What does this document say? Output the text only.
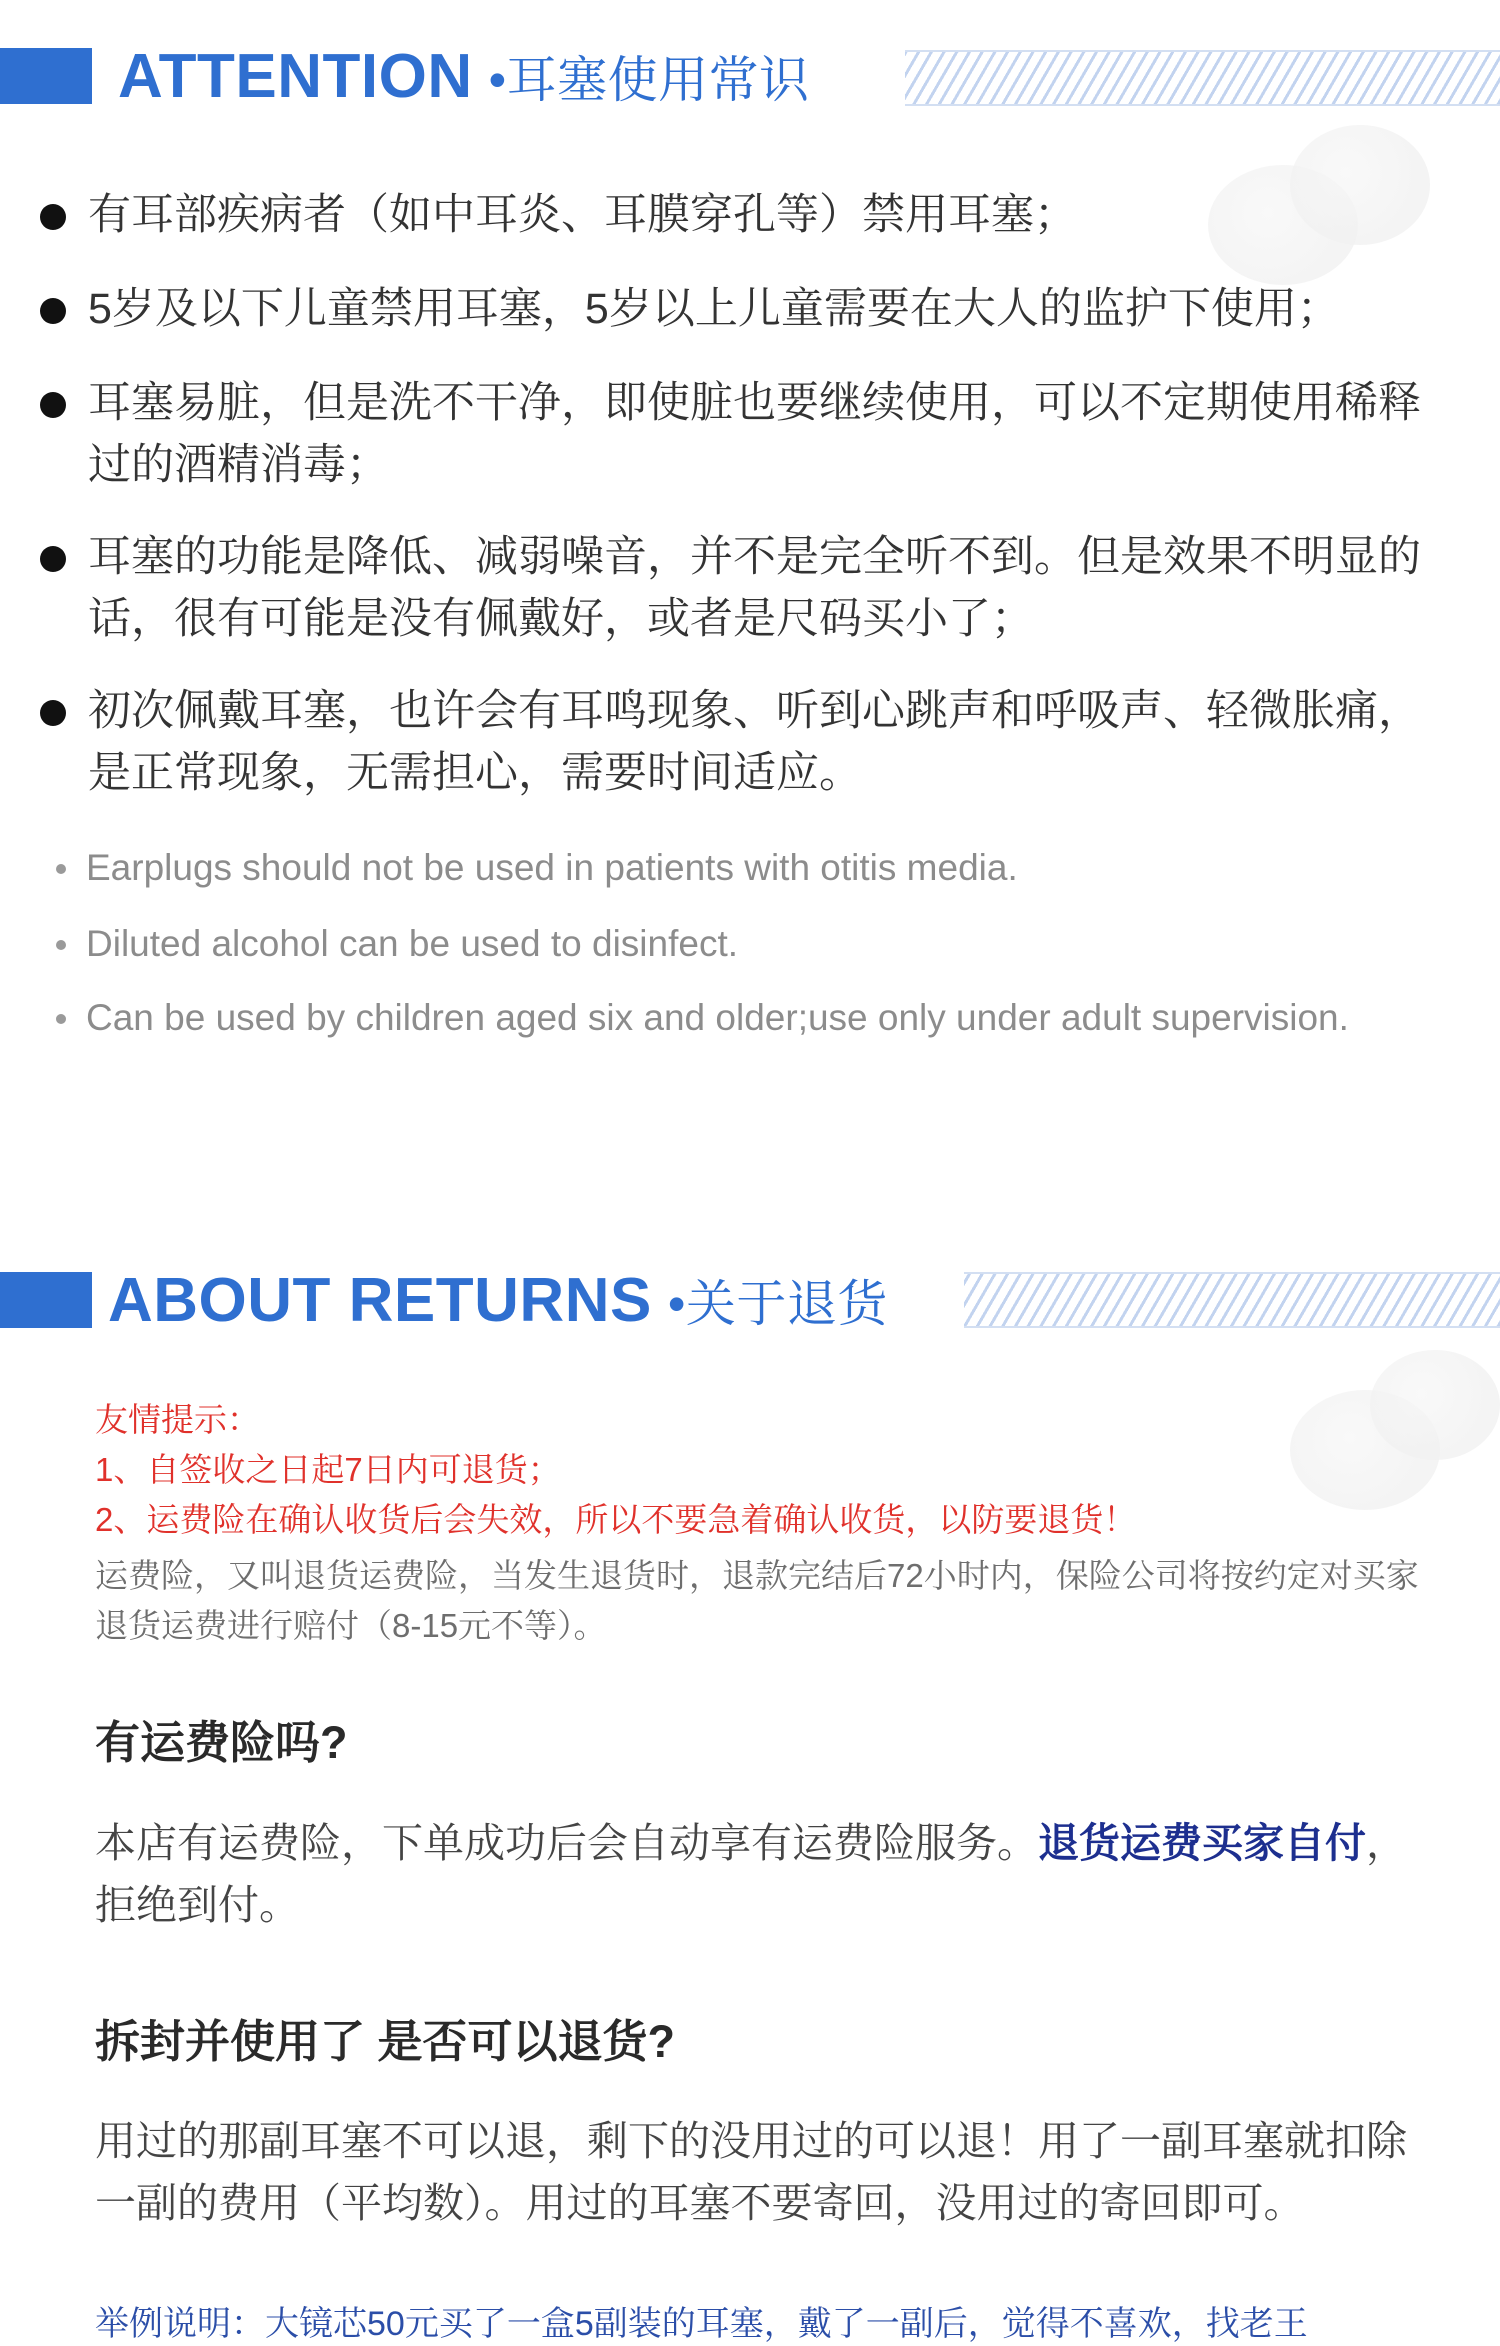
ATTENTION •耳塞使用常识
有耳部疾病者（如中耳炎、耳膜穿孔等）禁用耳塞；
5岁及以下儿童禁用耳塞，5岁以上儿童需要在大人的监护下使用；
耳塞易脏，但是洗不干净，即使脏也要继续使用，可以不定期使用稀释过的酒精消毒；
耳塞的功能是降低、减弱噪音，并不是完全听不到。但是效果不明显的话，很有可能是没有佩戴好，或者是尺码买小了；
初次佩戴耳塞，也许会有耳鸣现象、听到心跳声和呼吸声、轻微胀痛，是正常现象，无需担心，需要时间适应。
Earplugs should not be used in patients with otitis media.
Diluted alcohol can be used to disinfect.
Can be used by children aged six and older;use only under adult supervision.
ABOUT RETURNS •关于退货
友情提示：
1、自签收之日起7日内可退货；
2、运费险在确认收货后会失效，所以不要急着确认收货，以防要退货！
运费险，又叫退货运费险，当发生退货时，退款完结后72小时内，保险公司将按约定对买家退货运费进行赔付（8-15元不等）。
有运费险吗?
本店有运费险，下单成功后会自动享有运费险服务。退货运费买家自付，拒绝到付。
拆封并使用了 是否可以退货?
用过的那副耳塞不可以退，剩下的没用过的可以退！用了一副耳塞就扣除一副的费用（平均数）。用过的耳塞不要寄回，没用过的寄回即可。
举例说明：大镜芯50元买了一盒5副装的耳塞，戴了一副后，觉得不喜欢，找老王
